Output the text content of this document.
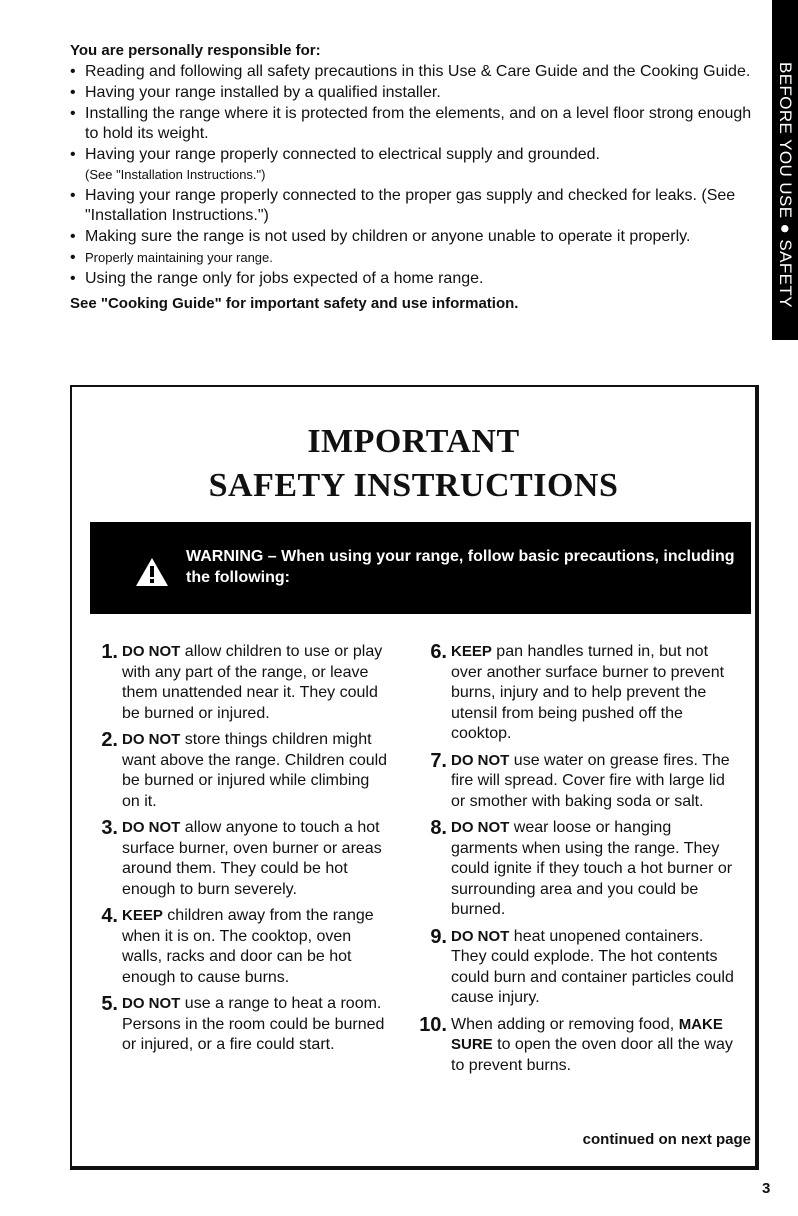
BEFORE YOU USE ● SAFETY
You are personally responsible for:
• Reading and following all safety precautions in this Use & Care Guide and the Cooking Guide.
• Having your range installed by a qualified installer.
• Installing the range where it is protected from the elements, and on a level floor strong enough to hold its weight.
• Having your range properly connected to electrical supply and grounded.
(See "Installation Instructions.")
• Having your range properly connected to the proper gas supply and checked for leaks. (See "Installation Instructions.")
• Making sure the range is not used by children or anyone unable to operate it properly.
• Properly maintaining your range.
• Using the range only for jobs expected of a home range.
See "Cooking Guide" for important safety and use information.
IMPORTANT
SAFETY INSTRUCTIONS
WARNING – When using your range, follow basic precautions, including the following:
1. DO NOT allow children to use or play with any part of the range, or leave them unattended near it. They could be burned or injured.
2. DO NOT store things children might want above the range. Children could be burned or injured while climbing on it.
3. DO NOT allow anyone to touch a hot surface burner, oven burner or areas around them. They could be hot enough to burn severely.
4. KEEP children away from the range when it is on. The cooktop, oven walls, racks and door can be hot enough to cause burns.
5. DO NOT use a range to heat a room. Persons in the room could be burned or injured, or a fire could start.
6. KEEP pan handles turned in, but not over another surface burner to prevent burns, injury and to help prevent the utensil from being pushed off the cooktop.
7. DO NOT use water on grease fires. The fire will spread. Cover fire with large lid or smother with baking soda or salt.
8. DO NOT wear loose or hanging garments when using the range. They could ignite if they touch a hot burner or surrounding area and you could be burned.
9. DO NOT heat unopened containers. They could explode. The hot contents could burn and container particles could cause injury.
10. When adding or removing food, MAKE SURE to open the oven door all the way to prevent burns.
continued on next page
3
